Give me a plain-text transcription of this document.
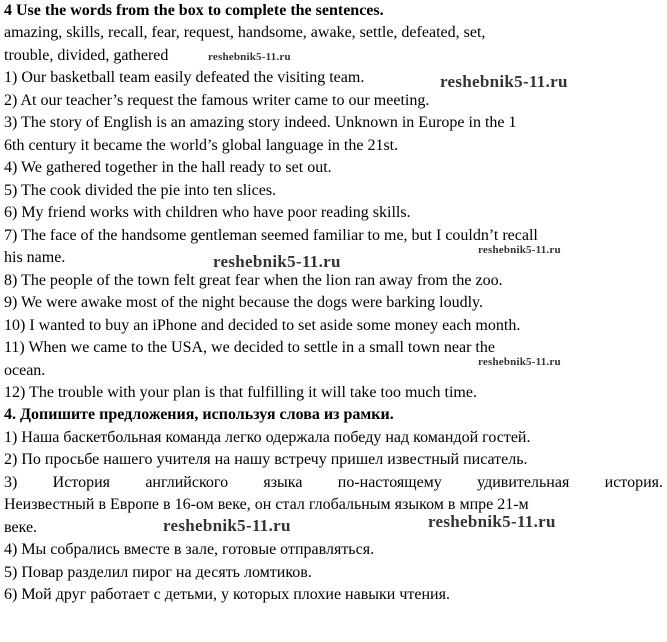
4 Use the words from the box to complete the sentences.
amazing, skills, recall, fear, request, handsome, awake, settle, defeated, set,
trouble, divided, gathered
1) Our basketball team easily defeated the visiting team.
2) At our teacher’s request the famous writer came to our meeting.
3) The story of English is an amazing story indeed. Unknown in Europe in the 1
6th century it became the world’s global language in the 21st.
4) We gathered together in the hall ready to set out.
5) The cook divided the pie into ten slices.
6) My friend works with children who have poor reading skills.
7) The face of the handsome gentleman seemed familiar to me, but I couldn’t recall
his name.
8) The people of the town felt great fear when the lion ran away from the zoo.
9) We were awake most of the night because the dogs were barking loudly.
10) I wanted to buy an iPhone and decided to set aside some money each month.
11) When we came to the USA, we decided to settle in a small town near the
ocean.
12) The trouble with your plan is that fulfilling it will take too much time.
4. Допишите предложения, используя слова из рамки.
1) Наша баскетбольная команда легко одержала победу над командой гостей.
2) По просьбе нашего учителя на нашу встречу пришел известный писатель.
3) История английского языка по-настоящему удивительная история.
Неизвестный в Европе в 16-ом веке, он стал глобальным языком в мпре 21-м
веке.
4) Мы собрались вместе в зале, готовые отправляться.
5) Повар разделил пирог на десять ломтиков.
6) Мой друг работает с детьми, у которых плохие навыки чтения.
reshebnik5-11.ru
reshebnik5-11.ru
reshebnik5-11.ru
reshebnik5-11.ru
reshebnik5-11.ru
reshebnik5-11.ru
reshebnik5-11.ru
